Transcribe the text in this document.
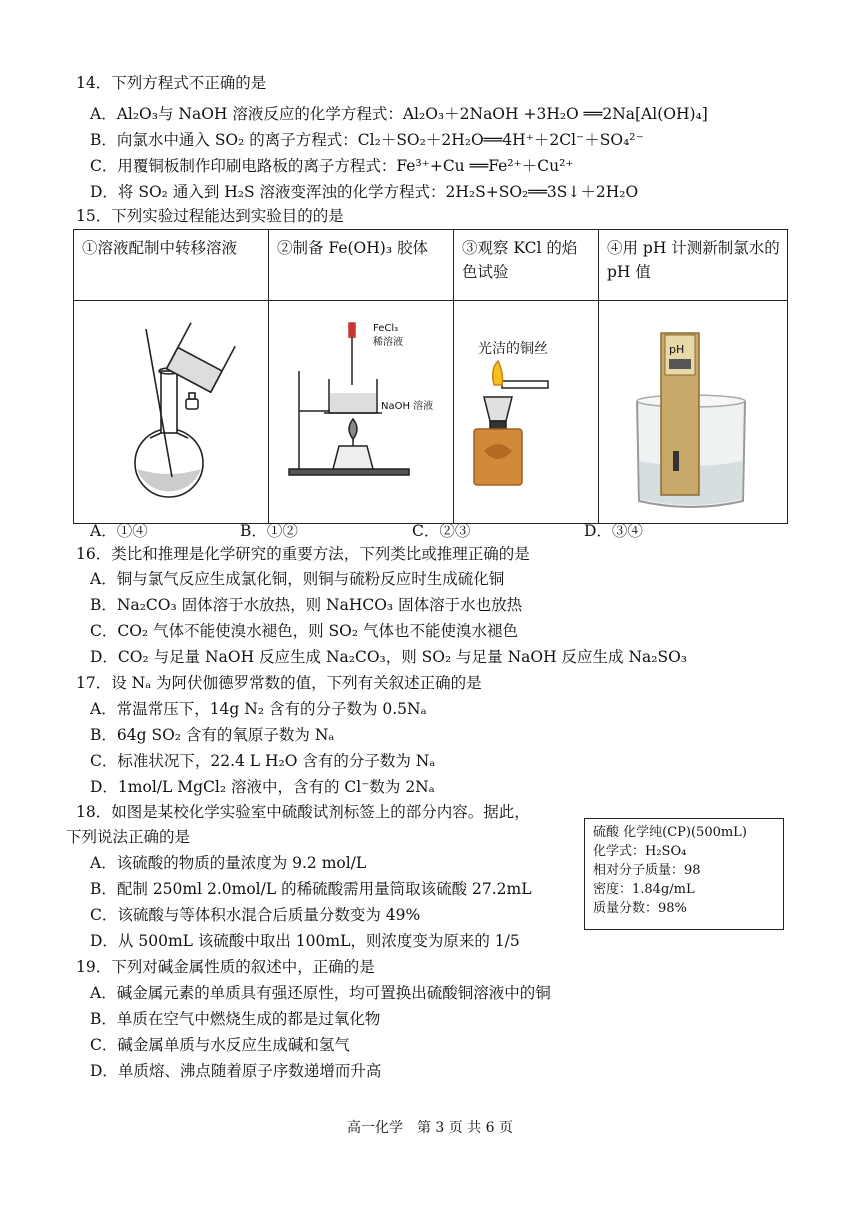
14．下列方程式不正确的是
A．Al₂O₃与 NaOH 溶液反应的化学方程式：Al₂O₃＋2NaOH +3H₂O ══2Na[Al(OH)₄]
B．向氯水中通入 SO₂ 的离子方程式：Cl₂＋SO₂＋2H₂O══4H⁺＋2Cl⁻＋SO₄²⁻
C．用覆铜板制作印刷电路板的离子方程式：Fe³⁺+Cu ══Fe²⁺＋Cu²⁺
D．将 SO₂ 通入到 H₂S 溶液变浑浊的化学方程式：2H₂S+SO₂══3S↓＋2H₂O
15．下列实验过程能达到实验目的的是
①溶液配制中转移溶液	②制备 Fe(OH)₃ 胶体	③观察 KCl 的焰色试验	④用 pH 计测新制氯水的 pH 值

FeCl₃
稀溶液
NaOH 溶液	光洁的铜丝	pH
A．①④	B．①②	C．②③	D．③④
16．类比和推理是化学研究的重要方法，下列类比或推理正确的是
A．铜与氯气反应生成氯化铜，则铜与硫粉反应时生成硫化铜
B．Na₂CO₃ 固体溶于水放热，则 NaHCO₃ 固体溶于水也放热
C．CO₂ 气体不能使溴水褪色，则 SO₂ 气体也不能使溴水褪色
D．CO₂ 与足量 NaOH 反应生成 Na₂CO₃，则 SO₂ 与足量 NaOH 反应生成 Na₂SO₃
17．设 Nₐ 为阿伏伽德罗常数的值，下列有关叙述正确的是
A．常温常压下，14g N₂ 含有的分子数为 0.5Nₐ
B．64g SO₂ 含有的氧原子数为 Nₐ
C．标准状况下，22.4 L H₂O 含有的分子数为 Nₐ
D．1mol/L MgCl₂ 溶液中，含有的 Cl⁻数为 2Nₐ
18．如图是某校化学实验室中硫酸试剂标签上的部分内容。据此，
下列说法正确的是
A．该硫酸的物质的量浓度为 9.2 mol/L
B．配制 250ml 2.0mol/L 的稀硫酸需用量筒取该硫酸 27.2mL
C．该硫酸与等体积水混合后质量分数变为 49%
D．从 500mL 该硫酸中取出 100mL，则浓度变为原来的 1/5
硫酸 化学纯(CP)(500mL)
化学式：H₂SO₄
相对分子质量：98
密度：1.84g/mL
质量分数：98%
19．下列对碱金属性质的叙述中，正确的是
A．碱金属元素的单质具有强还原性，均可置换出硫酸铜溶液中的铜
B．单质在空气中燃烧生成的都是过氧化物
C．碱金属单质与水反应生成碱和氢气
D．单质熔、沸点随着原子序数递增而升高
高一化学　第 3 页 共 6 页
